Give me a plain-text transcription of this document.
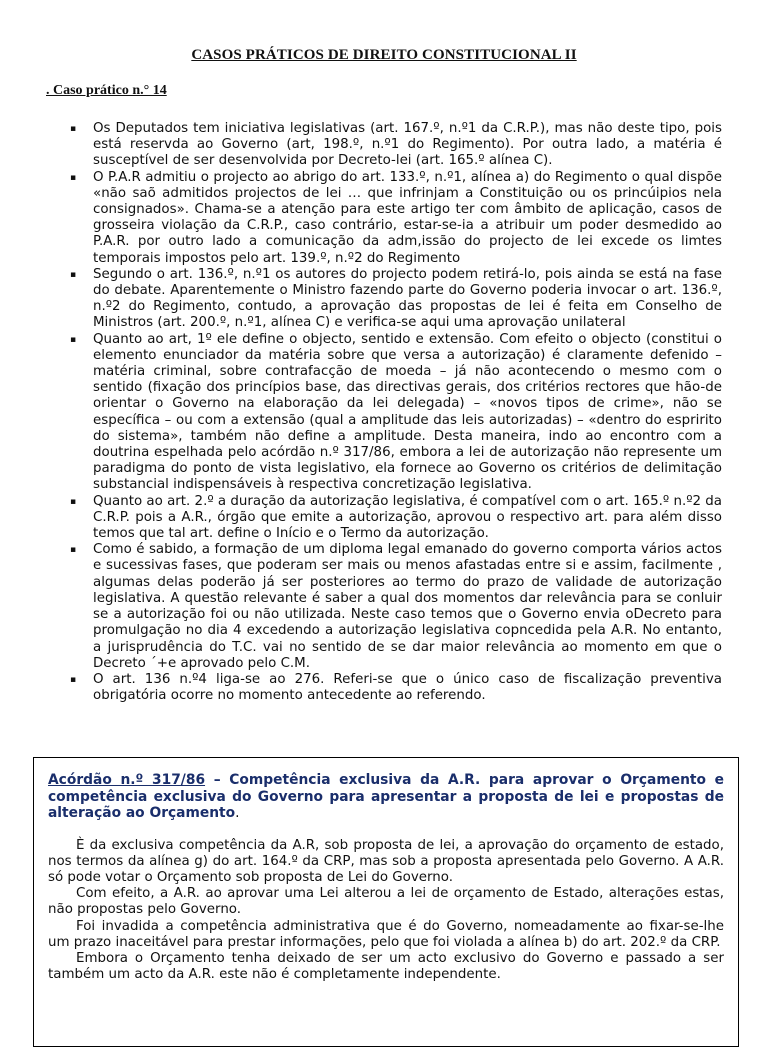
CASOS PRÁTICOS DE DIREITO CONSTITUCIONAL II

. Caso prático n.° 14

▪ Os Deputados tem iniciativa legislativas (art. 167.º, n.º1 da C.R.P.), mas não deste tipo, pois está reservda ao Governo (art, 198.º, n.º1 do Regimento). Por outra lado, a matéria é susceptível de ser desenvolvida por Decreto-lei (art. 165.º alínea C).
▪ O P.A.R admitiu o projecto ao abrigo do art. 133.º, n.º1, alínea a) do Regimento o qual dispõe «não saõ admitidos projectos de lei … que infrinjam a Constituição ou os princúipios nela consignados». Chama-se a atenção para este artigo ter com âmbito de aplicação, casos de grosseira violação da C.R.P., caso contrário, estar-se-ia a atribuir um poder desmedido ao P.A.R. por outro lado a comunicação da adm,issão do projecto de lei excede os limtes temporais impostos pelo art. 139.º, n.º2 do Regimento
▪ Segundo o art. 136.º, n.º1 os autores do projecto podem retirá-lo, pois ainda se está na fase do debate. Aparentemente o Ministro fazendo parte do Governo poderia invocar o art. 136.º, n.º2 do Regimento, contudo, a aprovação das propostas de lei é feita em Conselho de Ministros (art. 200.º, n.º1, alínea C) e verifica-se aqui uma aprovação unilateral
▪ Quanto ao art, 1º ele define o objecto, sentido e extensão. Com efeito o objecto (constitui o elemento enunciador da matéria sobre que versa a autorização) é claramente defenido – matéria criminal, sobre contrafacção de moeda – já não acontecendo o mesmo com o sentido (fixação dos princípios base, das directivas gerais, dos critérios rectores que hão-de orientar o Governo na elaboração da lei delegada) – «novos tipos de crime», não se específica – ou com a extensão (qual a amplitude das leis autorizadas) – «dentro do espririto do sistema», também não define a amplitude. Desta maneira, indo ao encontro com a doutrina espelhada pelo acórdão n.º 317/86, embora a lei de autorização não represente um paradigma do ponto de vista legislativo, ela fornece ao Governo os critérios de delimitação substancial indispensáveis à respectiva concretização legislativa.
▪ Quanto ao art. 2.º a duração da autorização legislativa, é compatível com o art. 165.º n.º2 da C.R.P. pois a A.R., órgão que emite a autorização, aprovou o respectivo art. para além disso temos que tal art. define o Início e o Termo da autorização.
▪ Como é sabido, a formação de um diploma legal emanado do governo comporta vários actos e sucessivas fases, que poderam ser mais ou menos afastadas entre si e assim, facilmente , algumas delas poderão já ser posteriores ao termo do prazo de validade de autorização legislativa. A questão relevante é saber a qual dos momentos dar relevância para se conluir se a autorização foi ou não utilizada. Neste caso temos que o Governo envia oDecreto para promulgação no dia 4 excedendo a autorização legislativa copncedida pela A.R. No entanto, a jurisprudência do T.C. vai no sentido de se dar maior relevância ao momento em que o Decreto ´+e aprovado pelo C.M.
▪ O art. 136 n.º4 liga-se ao 276. Referi-se que o único caso de fiscalização preventiva obrigatória ocorre no momento antecedente ao referendo.

Acórdão n.º 317/86 – Competência exclusiva da A.R. para aprovar o Orçamento e competência exclusiva do Governo para apresentar a proposta de lei e propostas de alteração ao Orçamento.

È da exclusiva competência da A.R, sob proposta de lei, a aprovação do orçamento de estado, nos termos da alínea g) do art. 164.º da CRP, mas sob a proposta apresentada pelo Governo. A A.R. só pode votar o Orçamento sob proposta de Lei do Governo.

Com efeito, a A.R. ao aprovar uma Lei alterou a lei de orçamento de Estado, alterações estas, não propostas pelo Governo.

Foi invadida a competência administrativa que é do Governo, nomeadamente ao fixar-se-lhe um prazo inaceitável para prestar informações, pelo que foi violada a alínea b) do art. 202.º da CRP.

Embora o Orçamento tenha deixado de ser um acto exclusivo do Governo e passado a ser também um acto da A.R. este não é completamente independente.
